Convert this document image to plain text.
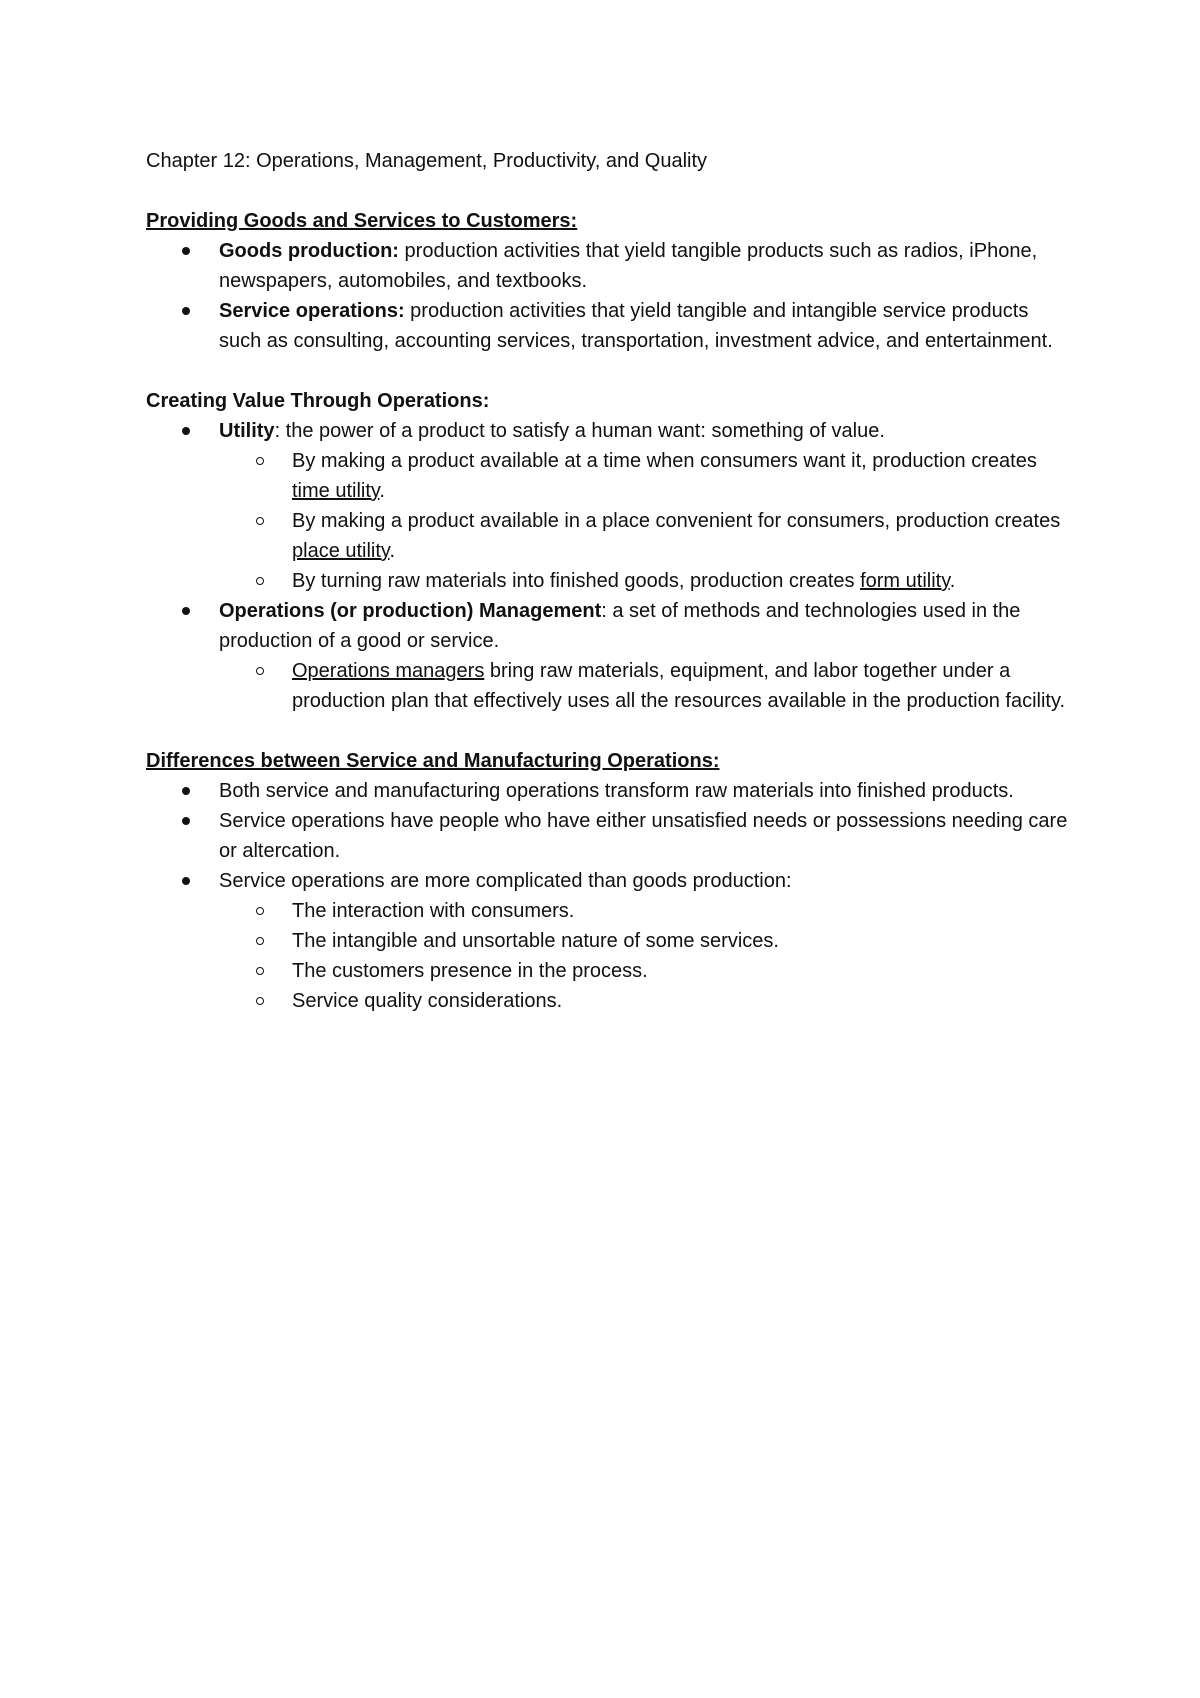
Chapter 12: Operations, Management, Productivity, and Quality

Providing Goods and Services to Customers:

Goods production: production activities that yield tangible products such as radios, iPhone, newspapers, automobiles, and textbooks.
Service operations: production activities that yield tangible and intangible service products such as consulting, accounting services, transportation, investment advice, and entertainment.

Creating Value Through Operations:

Utility: the power of a product to satisfy a human want: something of value.
By making a product available at a time when consumers want it, production creates time utility.
By making a product available in a place convenient for consumers, production creates place utility.
By turning raw materials into finished goods, production creates form utility.
Operations (or production) Management: a set of methods and technologies used in the production of a good or service.
Operations managers bring raw materials, equipment, and labor together under a production plan that effectively uses all the resources available in the production facility.

Differences between Service and Manufacturing Operations:

Both service and manufacturing operations transform raw materials into finished products.
Service operations have people who have either unsatisfied needs or possessions needing care or altercation.
Service operations are more complicated than goods production:
The interaction with consumers.
The intangible and unsortable nature of some services.
The customers presence in the process.
Service quality considerations.
